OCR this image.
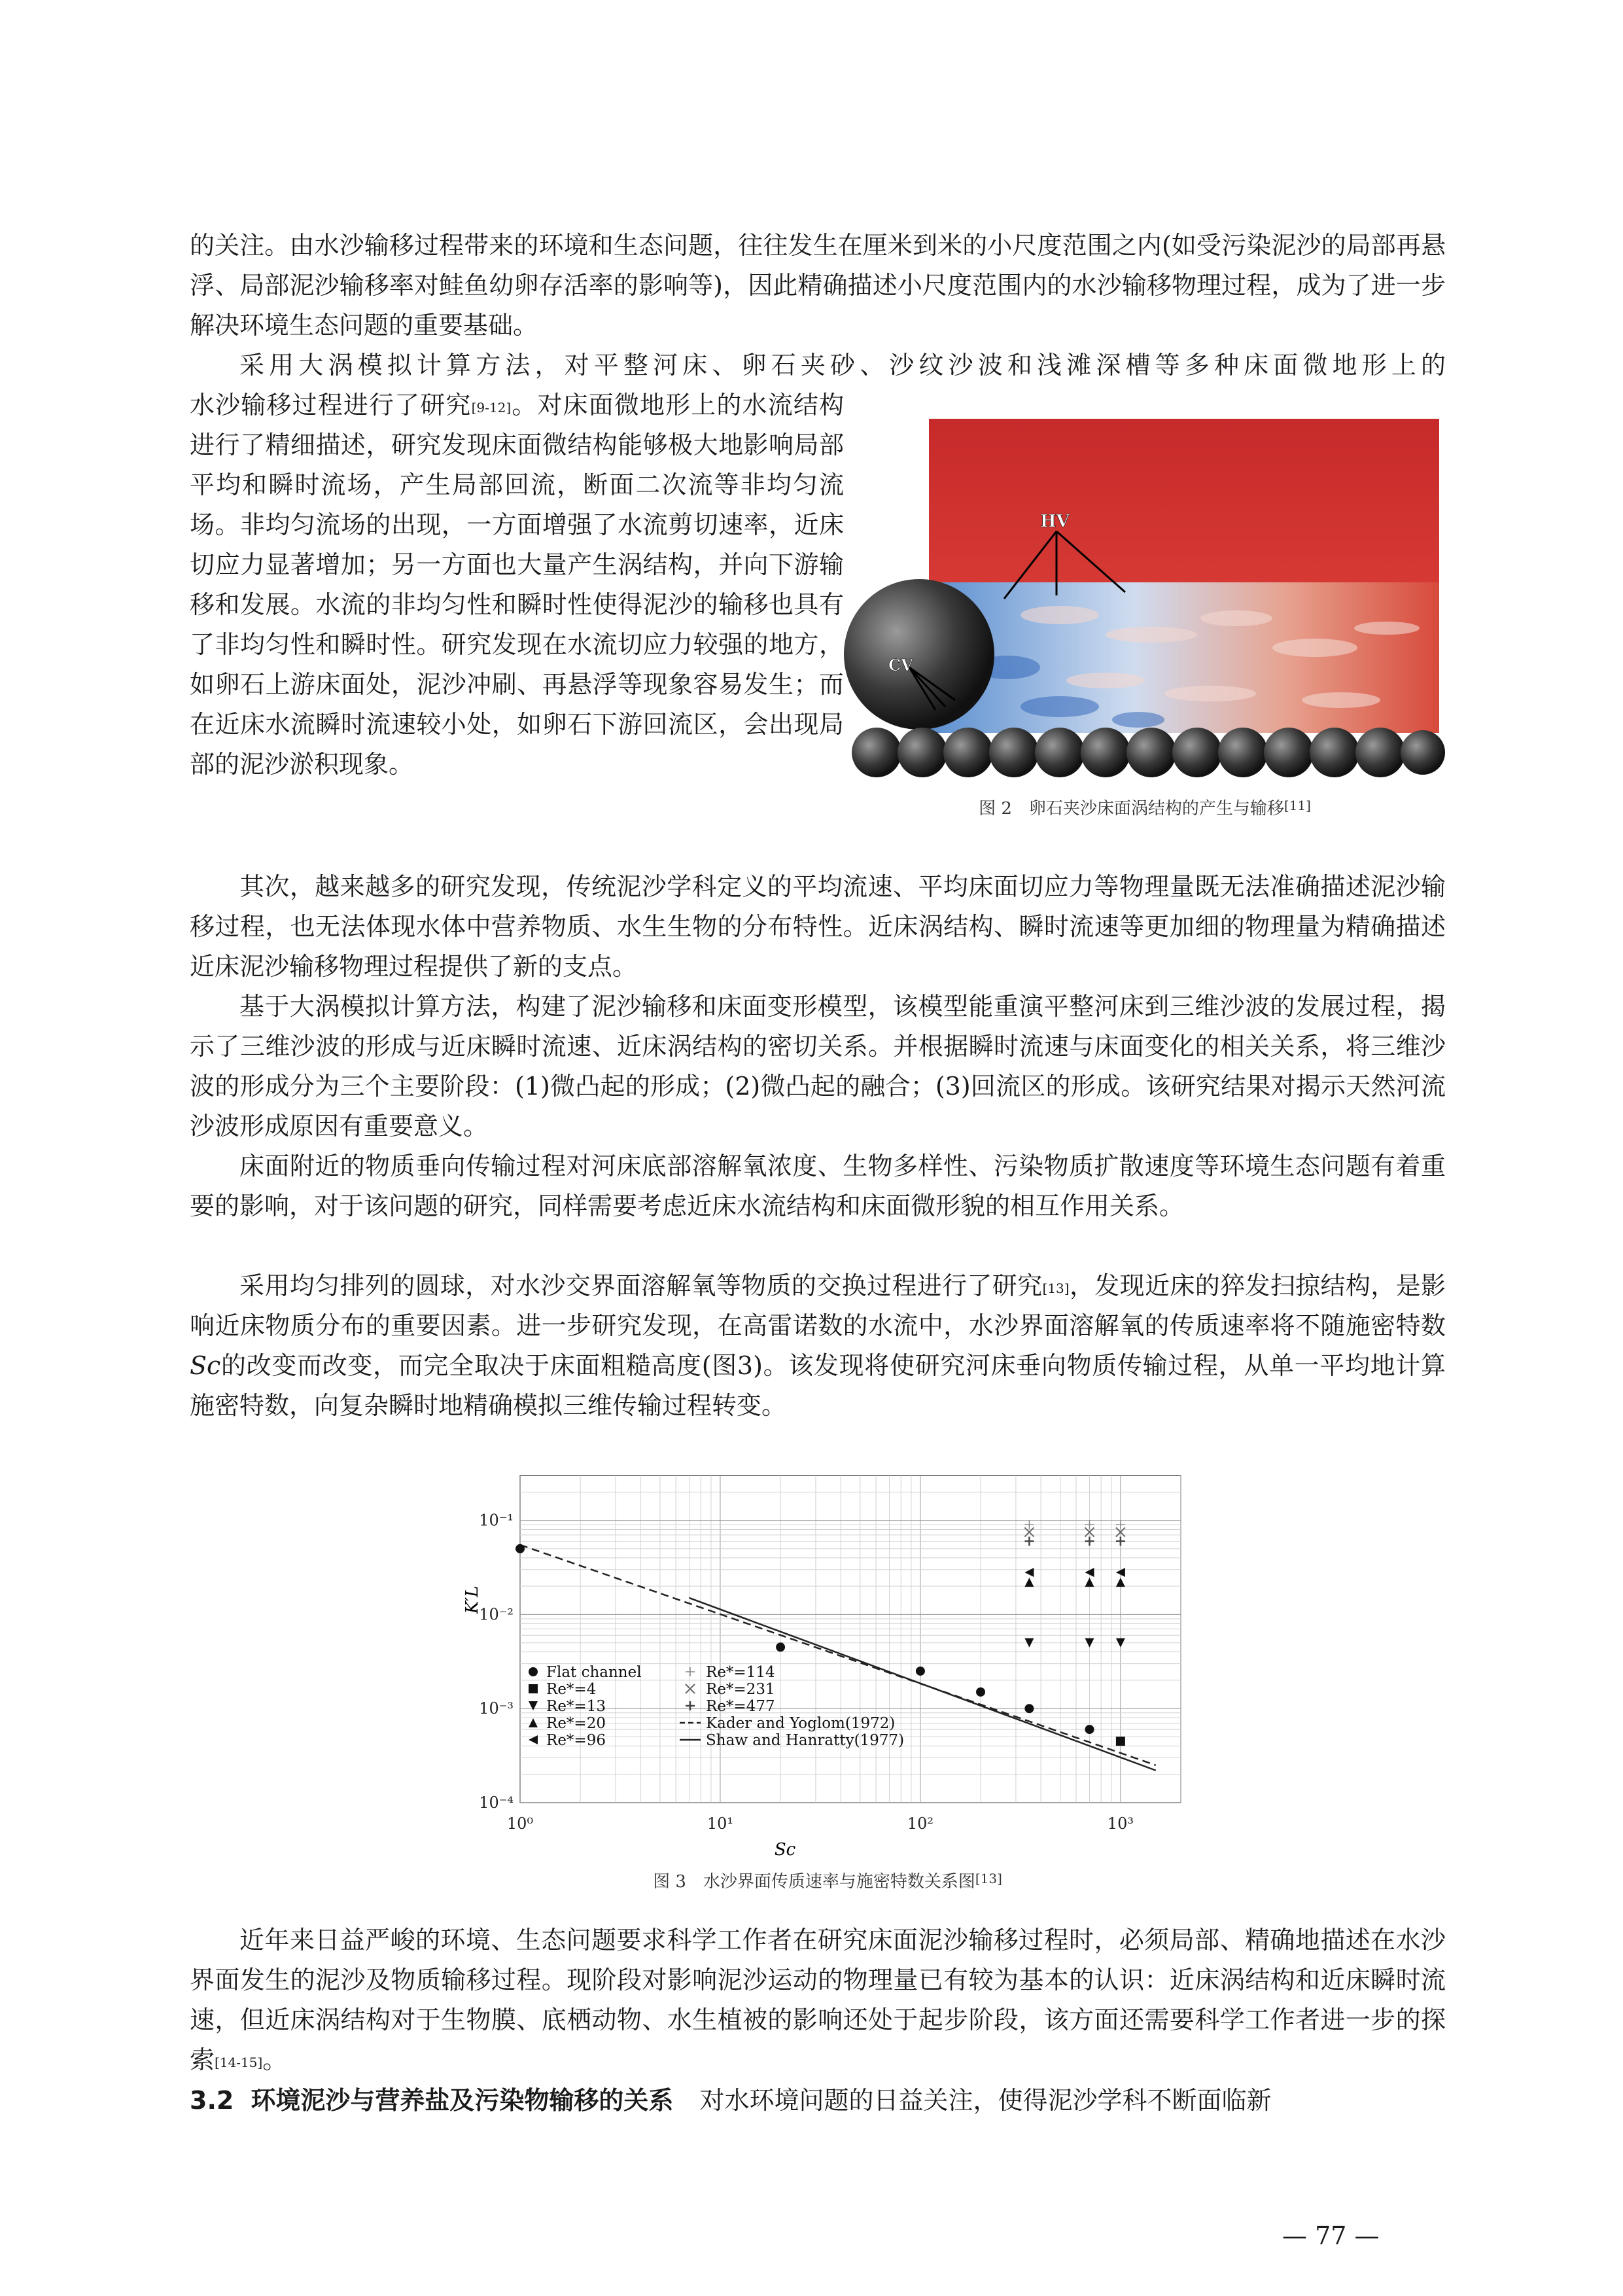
的关注。由水沙输移过程带来的环境和生态问题，往往发生在厘米到米的小尺度范围之内(如受污染泥沙的局部再悬浮、局部泥沙输移率对鲑鱼幼卵存活率的影响等)，因此精确描述小尺度范围内的水沙输移物理过程，成为了进一步解决环境生态问题的重要基础。

采用大涡模拟计算方法，对平整河床、卵石夹砂、沙纹沙波和浅滩深槽等多种床面微地形上的

水沙输移过程进行了研究[9-12]。对床面微地形上的水流结构进行了精细描述，研究发现床面微结构能够极大地影响局部平均和瞬时流场，产生局部回流，断面二次流等非均匀流场。非均匀流场的出现，一方面增强了水流剪切速率，近床切应力显著增加；另一方面也大量产生涡结构，并向下游输移和发展。水流的非均匀性和瞬时性使得泥沙的输移也具有了非均匀性和瞬时性。研究发现在水流切应力较强的地方，如卵石上游床面处，泥沙冲刷、再悬浮等现象容易发生；而在近床水流瞬时流速较小处，如卵石下游回流区，会出现局部的泥沙淤积现象。

HV
CV
图 2　卵石夹沙床面涡结构的产生与输移[11]

其次，越来越多的研究发现，传统泥沙学科定义的平均流速、平均床面切应力等物理量既无法准确描述泥沙输移过程，也无法体现水体中营养物质、水生生物的分布特性。近床涡结构、瞬时流速等更加细的物理量为精确描述近床泥沙输移物理过程提供了新的支点。

基于大涡模拟计算方法，构建了泥沙输移和床面变形模型，该模型能重演平整河床到三维沙波的发展过程，揭示了三维沙波的形成与近床瞬时流速、近床涡结构的密切关系。并根据瞬时流速与床面变化的相关关系，将三维沙波的形成分为三个主要阶段：(1)微凸起的形成；(2)微凸起的融合；(3)回流区的形成。该研究结果对揭示天然河流沙波形成原因有重要意义。

床面附近的物质垂向传输过程对河床底部溶解氧浓度、生物多样性、污染物质扩散速度等环境生态问题有着重要的影响，对于该问题的研究，同样需要考虑近床水流结构和床面微形貌的相互作用关系。

采用均匀排列的圆球，对水沙交界面溶解氧等物质的交换过程进行了研究[13]，发现近床的猝发扫掠结构，是影响近床物质分布的重要因素。进一步研究发现，在高雷诺数的水流中，水沙界面溶解氧的传质速率将不随施密特数Sc的改变而改变，而完全取决于床面粗糙高度(图3)。该发现将使研究河床垂向物质传输过程，从单一平均地计算施密特数，向复杂瞬时地精确模拟三维传输过程转变。

10⁰	10¹	10²	10³
10⁻⁴
10⁻³
10⁻²
10⁻¹
Sc
K′L
Flat channel
Re*=4
Re*=13
Re*=20
Re*=96
Re*=114
Re*=231
Re*=477
Kader and Yoglom(1972)
Shaw and Hanratty(1977)
图 3　水沙界面传质速率与施密特数关系图[13]

近年来日益严峻的环境、生态问题要求科学工作者在研究床面泥沙输移过程时，必须局部、精确地描述在水沙界面发生的泥沙及物质输移过程。现阶段对影响泥沙运动的物理量已有较为基本的认识：近床涡结构和近床瞬时流速，但近床涡结构对于生物膜、底栖动物、水生植被的影响还处于起步阶段，该方面还需要科学工作者进一步的探索[14-15]。

3.2 环境泥沙与营养盐及污染物输移的关系 对水环境问题的日益关注，使得泥沙学科不断面临新

— 77 —
